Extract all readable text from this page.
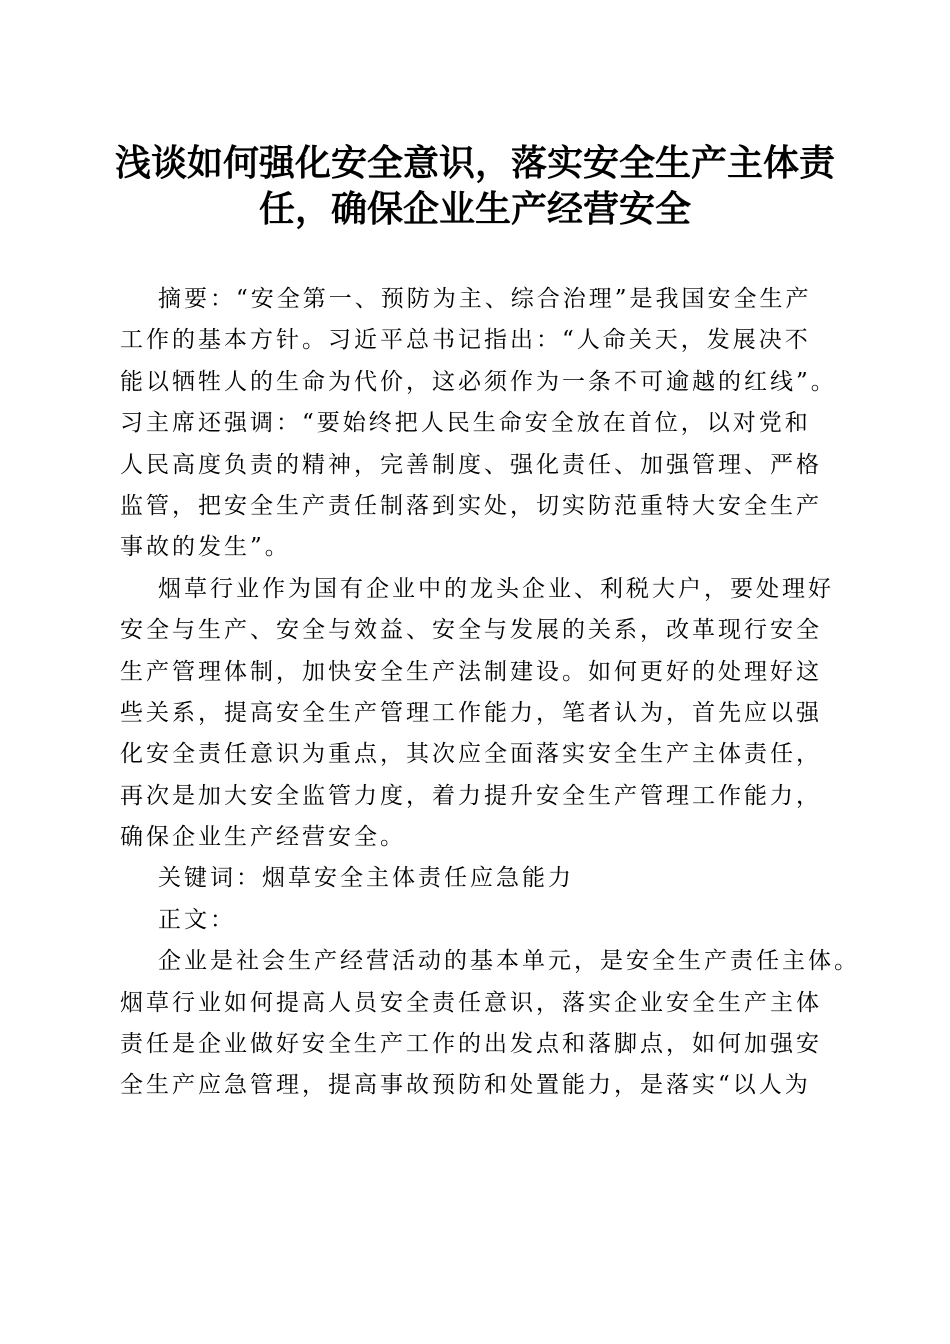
浅谈如何强化安全意识，落实安全生产主体责
任，确保企业生产经营安全
摘要：“安全第一、预防为主、综合治理”是我国安全生产
工作的基本方针。习近平总书记指出：“人命关天，发展决不
能以牺牲人的生命为代价，这必须作为一条不可逾越的红线”。
习主席还强调：“要始终把人民生命安全放在首位，以对党和
人民高度负责的精神，完善制度、强化责任、加强管理、严格
监管，把安全生产责任制落到实处，切实防范重特大安全生产
事故的发生”。
烟草行业作为国有企业中的龙头企业、利税大户，要处理好
安全与生产、安全与效益、安全与发展的关系，改革现行安全
生产管理体制，加快安全生产法制建设。如何更好的处理好这
些关系，提高安全生产管理工作能力，笔者认为，首先应以强
化安全责任意识为重点，其次应全面落实安全生产主体责任，
再次是加大安全监管力度，着力提升安全生产管理工作能力，
确保企业生产经营安全。
关键词：烟草安全主体责任应急能力
正文：
企业是社会生产经营活动的基本单元，是安全生产责任主体。
烟草行业如何提高人员安全责任意识，落实企业安全生产主体
责任是企业做好安全生产工作的出发点和落脚点，如何加强安
全生产应急管理，提高事故预防和处置能力，是落实“以人为
